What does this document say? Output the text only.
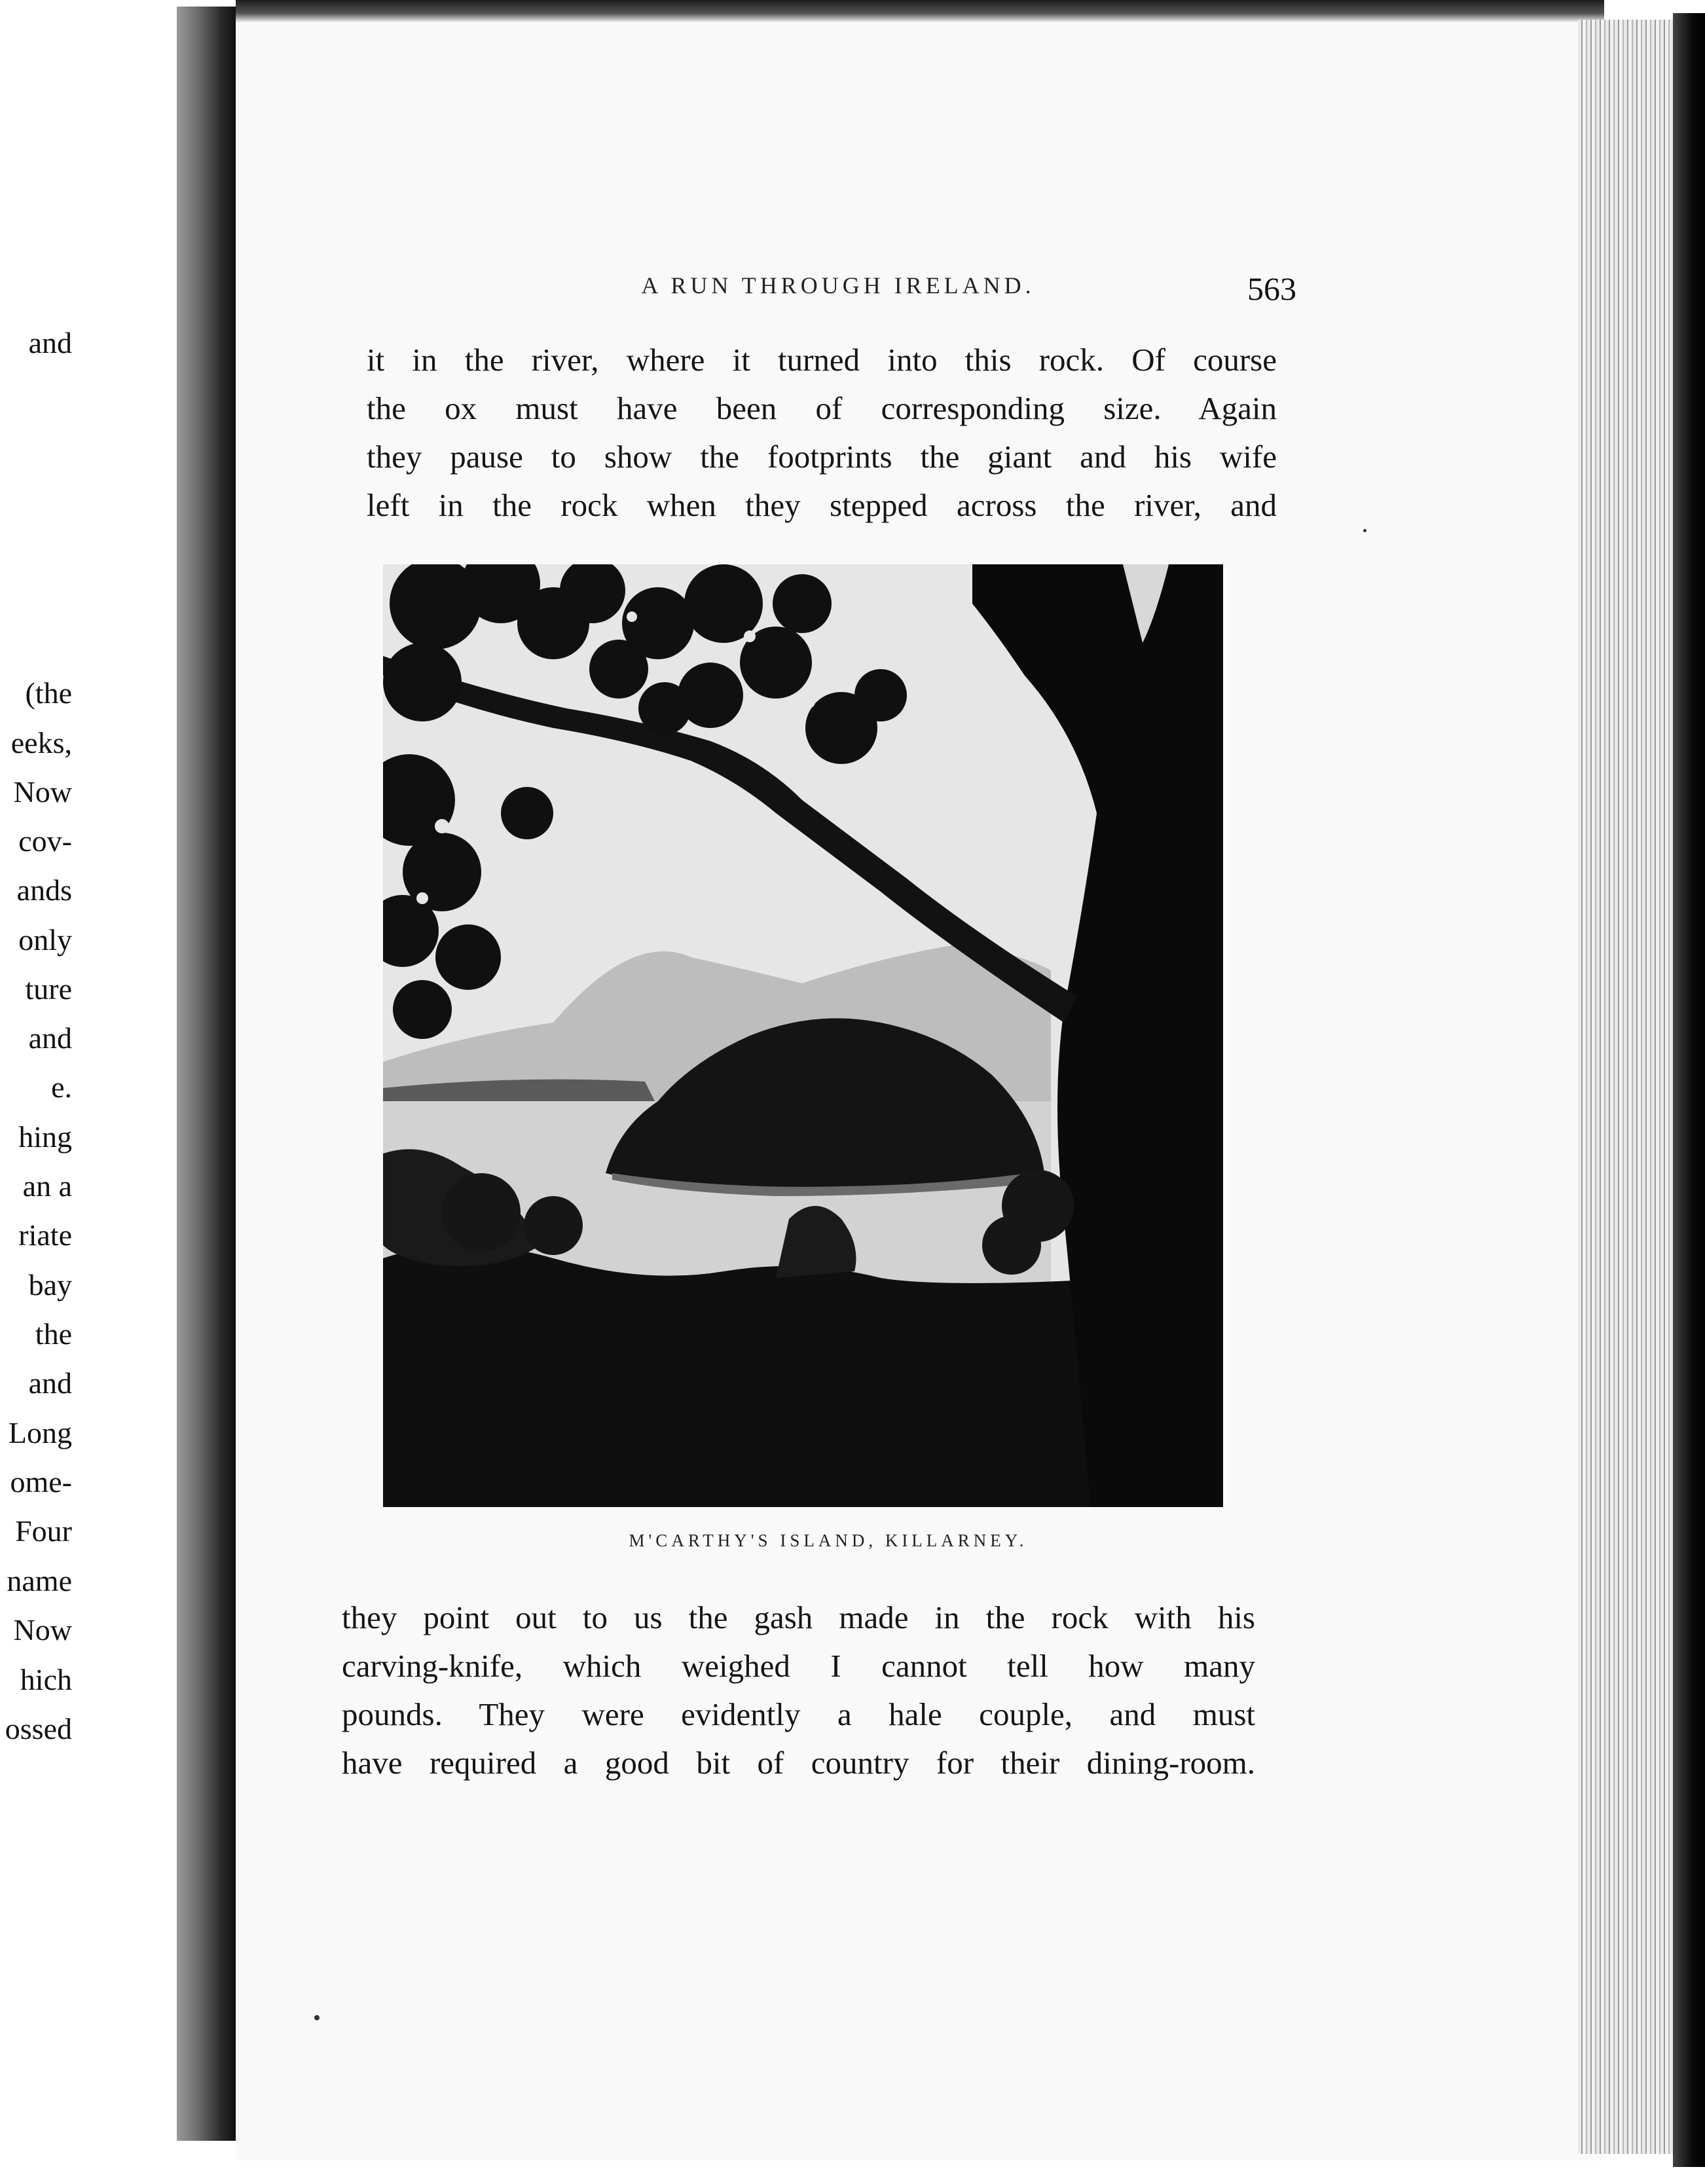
and
(the
eeks,
Now
cov-
ands
only
ture
and
e.
hing
an a
riate
bay
the
and
Long
ome-
Four
name
Now
hich
ossed
A RUN THROUGH IRELAND.	563
it in the river, where it turned into this rock. Of course
the ox must have been of corresponding size. Again
they pause to show the footprints the giant and his wife
left in the rock when they stepped across the river, and
M'CARTHY'S ISLAND, KILLARNEY.
they point out to us the gash made in the rock with his
carving-knife, which weighed I cannot tell how many
pounds. They were evidently a hale couple, and must
have required a good bit of country for their dining-room.
